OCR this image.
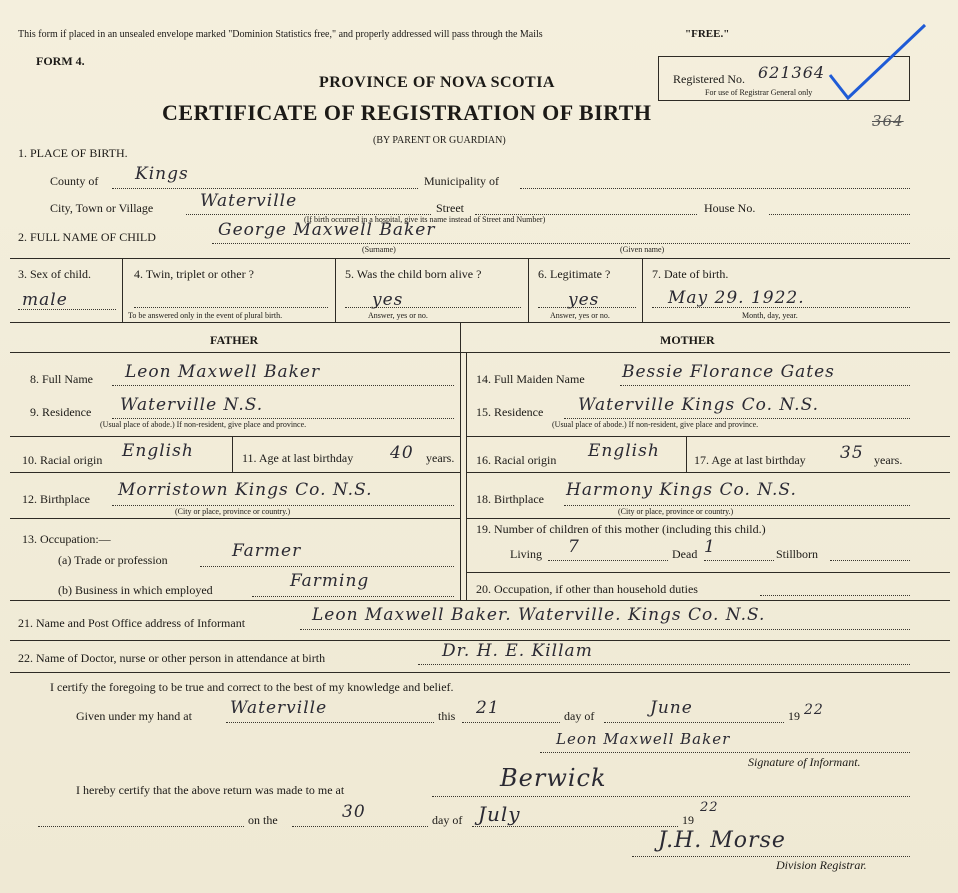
This form if placed in an unsealed envelope marked "Dominion Statistics free," and properly addressed will pass through the Mails	"FREE."
FORM 4.
PROVINCE OF NOVA SCOTIA
CERTIFICATE OF REGISTRATION OF BIRTH
(BY PARENT OR GUARDIAN)
Registered No. 621364
For use of Registrar General only
364
1. PLACE OF BIRTH.
County of Kings	Municipality of
City, Town or Village	Waterville	Street	House No.
(If birth occurred in a hospital, give its name instead of Street and Number)
2. FULL NAME OF CHILD	George Maxwell Baker
(Surname)	(Given name)
3. Sex of child.
male
4. Twin, triplet or other ?
To be answered only in the event of plural birth.
5. Was the child born alive ?
yes
Answer, yes or no.
6. Legitimate ?
yes
Answer, yes or no.
7. Date of birth.
May 29. 1922.
Month, day, year.
FATHER	MOTHER
8. Full Name Leon Maxwell Baker
9. Residence Waterville N.S.
(Usual place of abode.) If non-resident, give place and province.
10. Racial origin English	11. Age at last birthday 40 years.
12. Birthplace Morristown Kings Co. N.S.
(City or place, province or country.)
13. Occupation:—
(a) Trade or profession	Farmer
(b) Business in which employed	Farming
14. Full Maiden Name Bessie Florance Gates
15. Residence Waterville Kings Co. N.S.
(Usual place of abode.) If non-resident, give place and province.
16. Racial origin English	17. Age at last birthday 35 years.
18. Birthplace Harmony Kings Co. N.S.
(City or place, province or country.)
19. Number of children of this mother (including this child.)
Living 7	Dead 1	Stillborn
20. Occupation, if other than household duties
21. Name and Post Office address of Informant	Leon Maxwell Baker. Waterville. Kings Co. N.S.
22. Name of Doctor, nurse or other person in attendance at birth	Dr. H. E. Killam
I certify the foregoing to be true and correct to the best of my knowledge and belief.
Given under my hand at Waterville	this 21	day of	June	19 22
Leon Maxwell Baker
Signature of Informant.
I hereby certify that the above return was made to me at	Berwick
on the	30	day of July	19
22
J.H. Morse
Division Registrar.
